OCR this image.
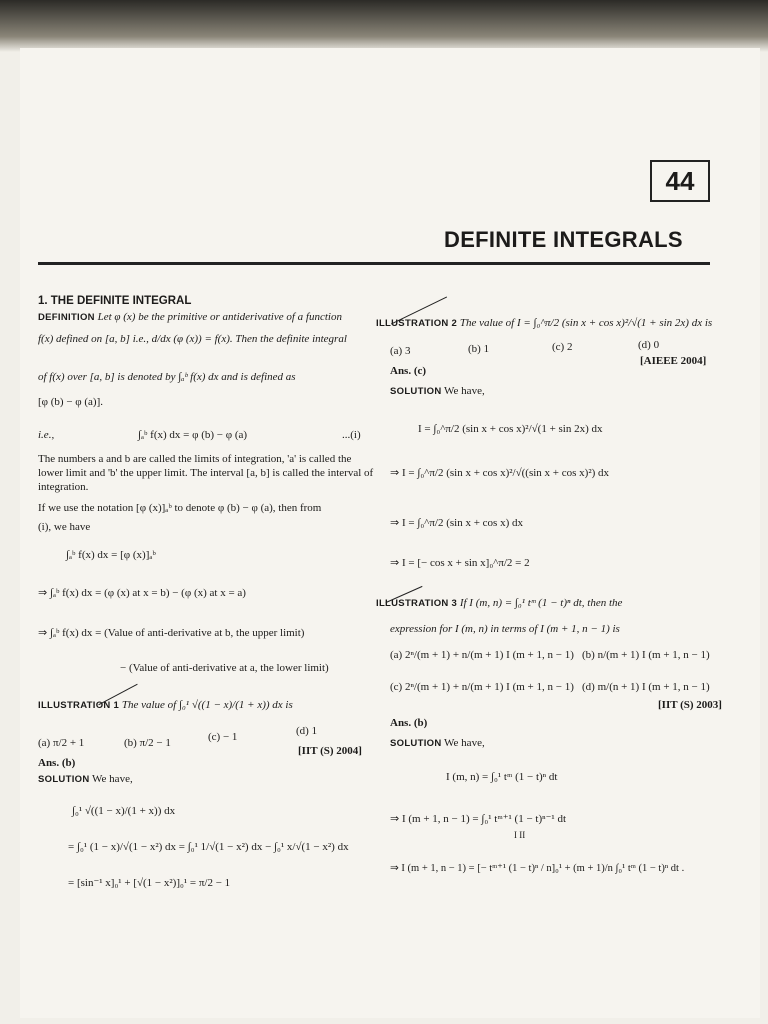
44
DEFINITE INTEGRALS
1. THE DEFINITE INTEGRAL
DEFINITION Let φ (x) be the primitive or antiderivative of a function
f(x) defined on [a, b] i.e., d/dx (φ (x)) = f(x). Then the definite integral
of f(x) over [a, b] is denoted by ∫ₐᵇ f(x) dx and is defined as
[φ (b) − φ (a)].
i.e.,	∫ₐᵇ f(x) dx = φ (b) − φ (a)	...(i)
The numbers a and b are called the limits of integration, 'a' is called the lower limit and 'b' the upper limit. The interval [a, b] is called the interval of integration.
If we use the notation [φ (x)]ₐᵇ to denote φ (b) − φ (a), then from
(i), we have
∫ₐᵇ f(x) dx = [φ (x)]ₐᵇ
⇒ ∫ₐᵇ f(x) dx = (φ (x) at x = b) − (φ (x) at x = a)
⇒ ∫ₐᵇ f(x) dx = (Value of anti-derivative at b, the upper limit)
− (Value of anti-derivative at a, the lower limit)
ILLUSTRATION 1 The value of ∫₀¹ √((1 − x)/(1 + x)) dx is
(a) π/2 + 1	(b) π/2 − 1	(c) − 1	(d) 1
[IIT (S) 2004]
Ans. (b)
SOLUTION We have,
∫₀¹ √((1 − x)/(1 + x)) dx
= ∫₀¹ (1 − x)/√(1 − x²) dx = ∫₀¹ 1/√(1 − x²) dx − ∫₀¹ x/√(1 − x²) dx
= [sin⁻¹ x]₀¹ + [√(1 − x²)]₀¹ = π/2 − 1
ILLUSTRATION 2 The value of I = ∫₀^π/2 (sin x + cos x)²/√(1 + sin 2x) dx is
(a) 3	(b) 1	(c) 2	(d) 0
[AIEEE 2004]
Ans. (c)
SOLUTION We have,
I = ∫₀^π/2 (sin x + cos x)²/√(1 + sin 2x) dx
⇒ I = ∫₀^π/2 (sin x + cos x)²/√((sin x + cos x)²) dx
⇒ I = ∫₀^π/2 (sin x + cos x) dx
⇒ I = [− cos x + sin x]₀^π/2 = 2
ILLUSTRATION 3 If I (m, n) = ∫₀¹ tᵐ (1 − t)ⁿ dt, then the
expression for I (m, n) in terms of I (m + 1, n − 1) is
(a) 2ⁿ/(m + 1) + n/(m + 1) I (m + 1, n − 1) (b) n/(m + 1) I (m + 1, n − 1)
(c) 2ⁿ/(m + 1) + n/(m + 1) I (m + 1, n − 1) (d) m/(n + 1) I (m + 1, n − 1)
[IIT (S) 2003]
Ans. (b)
SOLUTION We have,
I (m, n) = ∫₀¹ tᵐ (1 − t)ⁿ dt
⇒ I (m + 1, n − 1) = ∫₀¹ tᵐ⁺¹ (1 − t)ⁿ⁻¹ dt
I II
⇒ I (m + 1, n − 1) = [− tᵐ⁺¹ (1 − t)ⁿ / n]₀¹ + (m + 1)/n ∫₀¹ tᵐ (1 − t)ⁿ dt .
